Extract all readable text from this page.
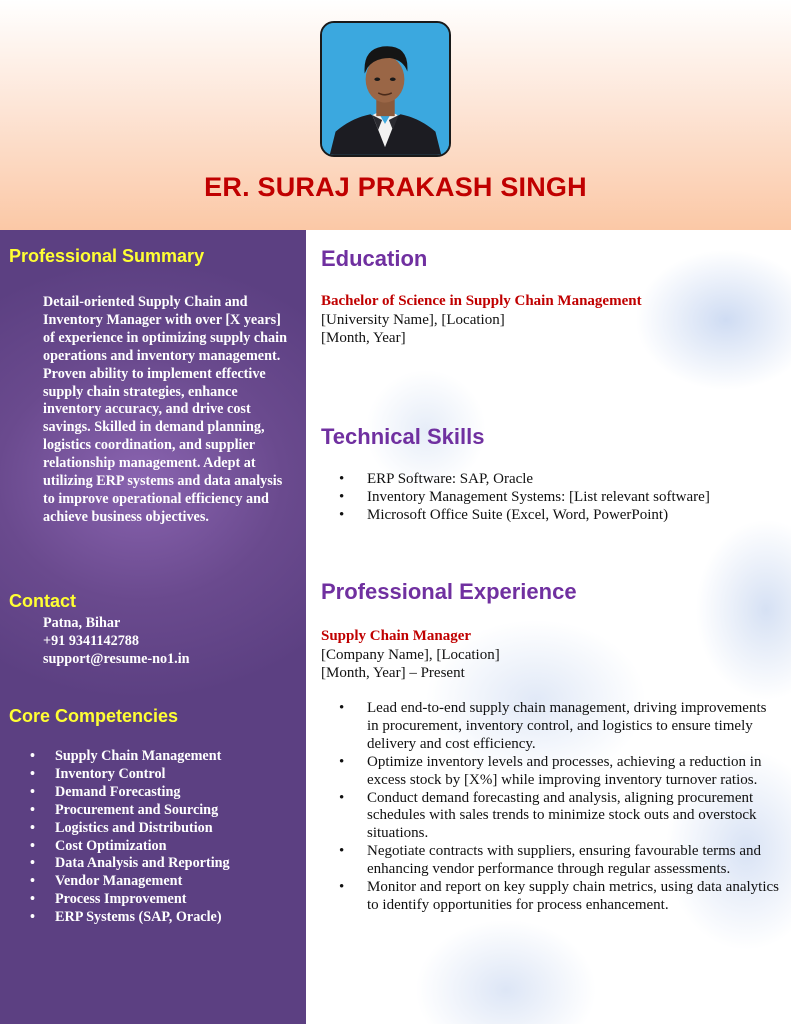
ER. SURAJ PRAKASH SINGH
Professional Summary
Detail-oriented Supply Chain and Inventory Manager with over [X years] of experience in optimizing supply chain operations and inventory management. Proven ability to implement effective supply chain strategies, enhance inventory accuracy, and drive cost savings. Skilled in demand planning, logistics coordination, and supplier relationship management. Adept at utilizing ERP systems and data analysis to improve operational efficiency and achieve business objectives.
Contact
Patna, Bihar
+91 9341142788
support@resume-no1.in
Core Competencies
• Supply Chain Management
• Inventory Control
• Demand Forecasting
• Procurement and Sourcing
• Logistics and Distribution
• Cost Optimization
• Data Analysis and Reporting
• Vendor Management
• Process Improvement
• ERP Systems (SAP, Oracle)
Education
Bachelor of Science in Supply Chain Management
[University Name], [Location]
[Month, Year]
Technical Skills
• ERP Software: SAP, Oracle
• Inventory Management Systems: [List relevant software]
• Microsoft Office Suite (Excel, Word, PowerPoint)
Professional Experience
Supply Chain Manager
[Company Name], [Location]
[Month, Year] – Present
• Lead end-to-end supply chain management, driving improvements in procurement, inventory control, and logistics to ensure timely delivery and cost efficiency.
• Optimize inventory levels and processes, achieving a reduction in excess stock by [X%] while improving inventory turnover ratios.
• Conduct demand forecasting and analysis, aligning procurement schedules with sales trends to minimize stock outs and overstock situations.
• Negotiate contracts with suppliers, ensuring favourable terms and enhancing vendor performance through regular assessments.
• Monitor and report on key supply chain metrics, using data analytics to identify opportunities for process enhancement.
